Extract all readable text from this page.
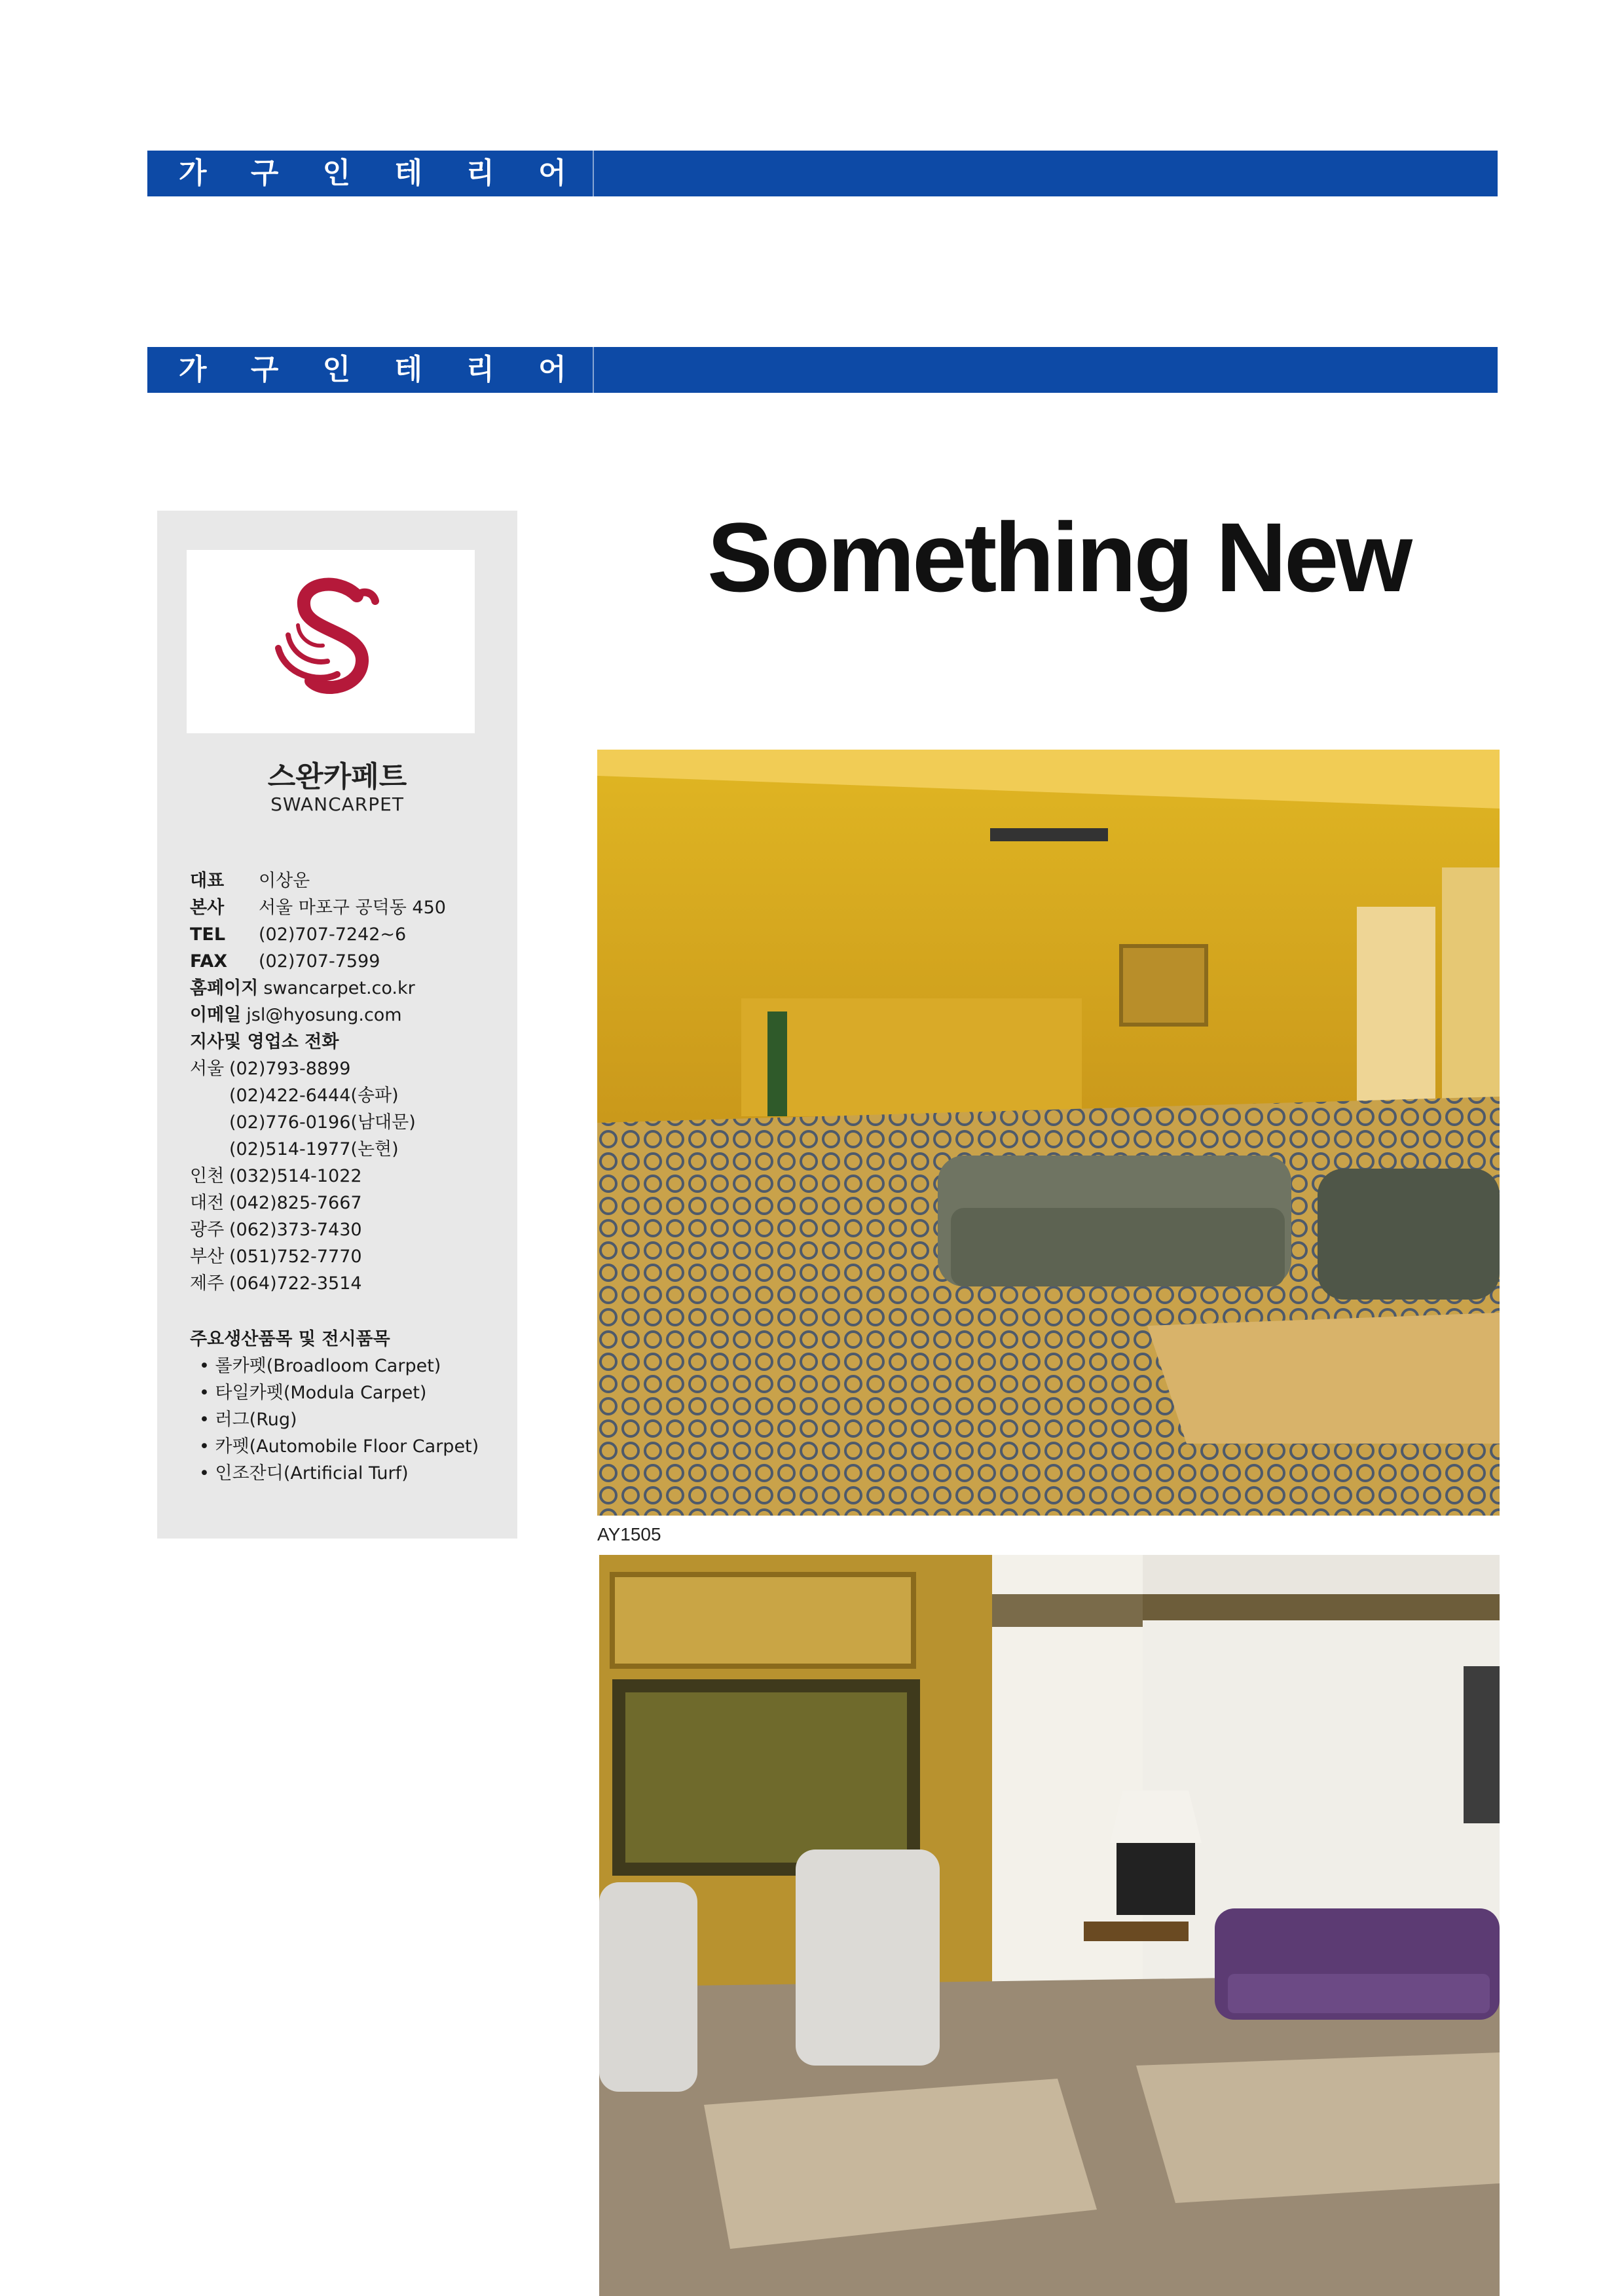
가 구 인 테 리 어
가 구 인 테 리 어
스완카페트
SWANCARPET
대표 이상운
본사 서울 마포구 공덕동 450
TEL (02)707-7242~6
FAX (02)707-7599
홈페이지 swancarpet.co.kr
이메일 jsl@hyosung.com
지사및 영업소 전화
서울 (02)793-8899
(02)422-6444(송파)
(02)776-0196(남대문)
(02)514-1977(논현)
인천 (032)514-1022
대전 (042)825-7667
광주 (062)373-7430
부산 (051)752-7770
제주 (064)722-3514
주요생산품목 및 전시품목
• 롤카펫(Broadloom Carpet)
• 타일카펫(Modula Carpet)
• 러그(Rug)
• 카펫(Automobile Floor Carpet)
• 인조잔디(Artificial Turf)
Something New
AY1505
